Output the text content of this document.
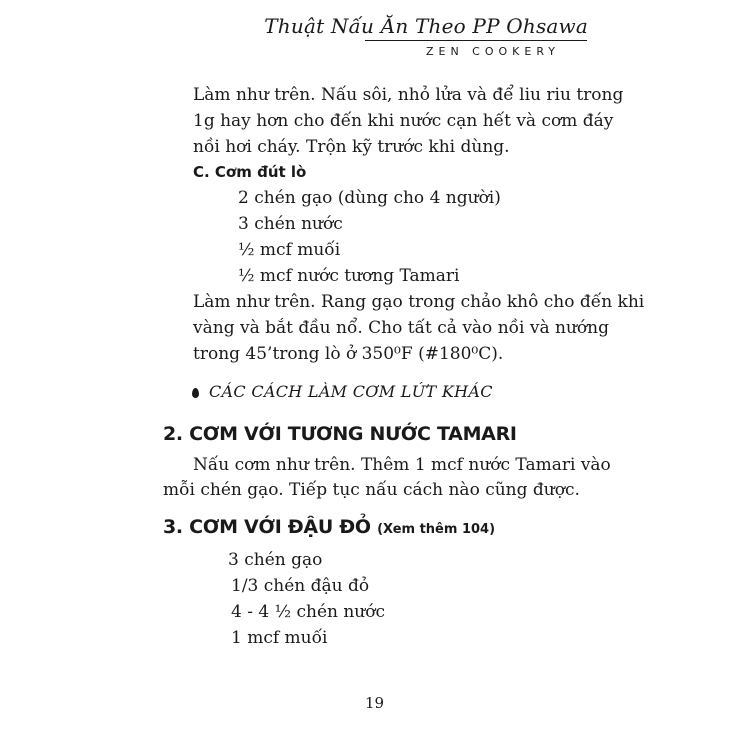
Thuật Nấu Ăn Theo PP Ohsawa
ZEN COOKERY
Làm như trên. Nấu sôi, nhỏ lửa và để liu riu trong
1g hay hơn cho đến khi nước cạn hết và cơm đáy
nồi hơi cháy. Trộn kỹ trước khi dùng.
C. Cơm đút lò
2 chén gạo (dùng cho 4 người)
3 chén nước
½ mcf muối
½ mcf nước tương Tamari
Làm như trên. Rang gạo trong chảo khô cho đến khi
vàng và bắt đầu nổ. Cho tất cả vào nồi và nướng
trong 45’trong lò ở 350⁰F (#180⁰C).
CÁC CÁCH LÀM CƠM LỨT KHÁC
2. CƠM VỚI TƯƠNG NƯỚC TAMARI
Nấu cơm như trên. Thêm 1 mcf nước Tamari vào
mỗi chén gạo. Tiếp tục nấu cách nào cũng được.
3. CƠM VỚI ĐẬU ĐỎ (Xem thêm 104)
3 chén gạo
1/3 chén đậu đỏ
4 - 4 ½ chén nước
1 mcf muối
19
